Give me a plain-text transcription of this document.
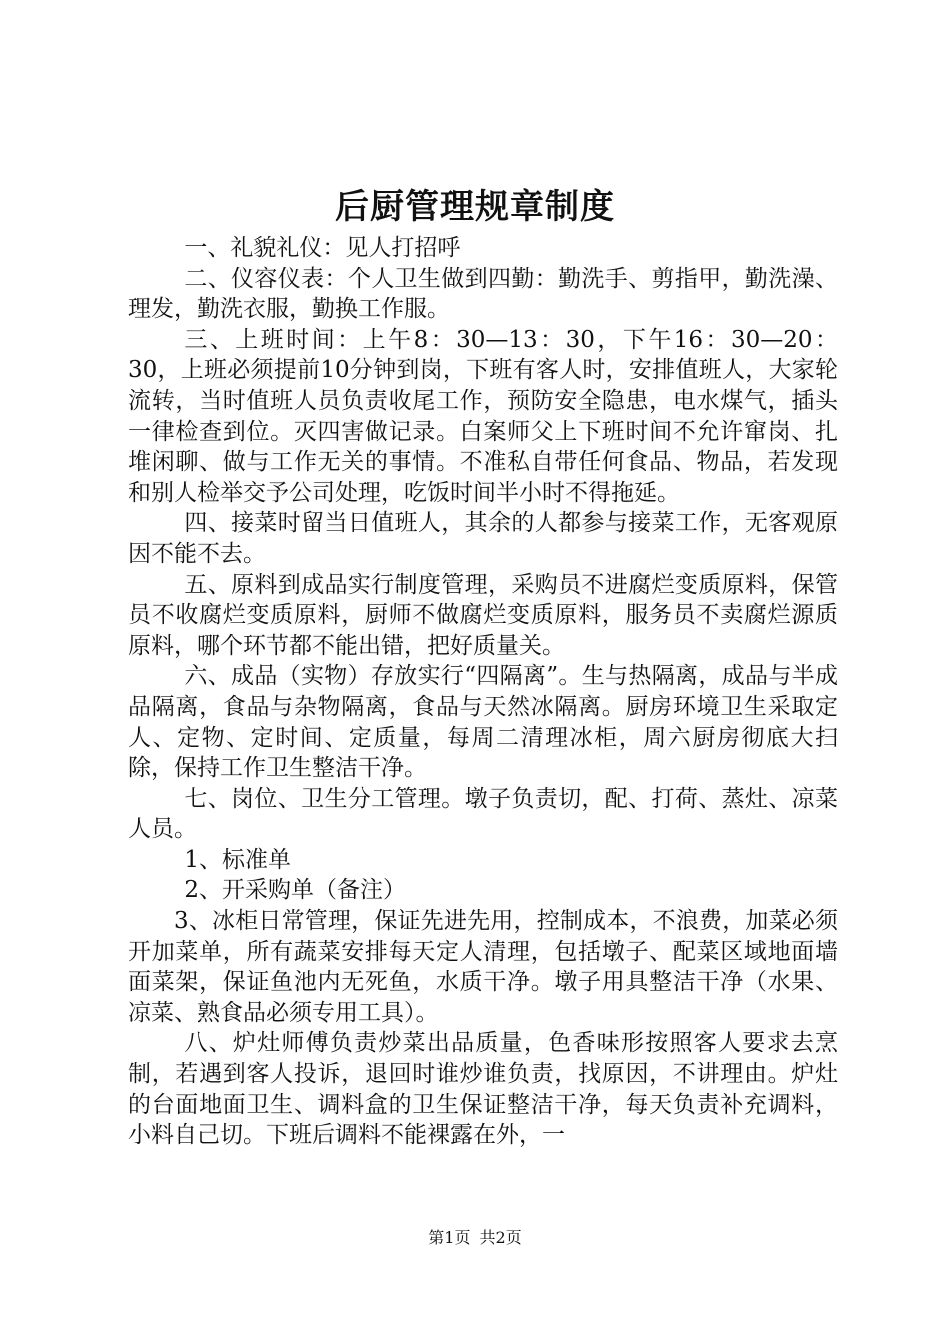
后厨管理规章制度

一、礼貌礼仪：见人打招呼

二、仪容仪表：个人卫生做到四勤：勤洗手、剪指甲，勤洗澡、理发，勤洗衣服，勤换工作服。

三、上班时间：上午8：30—13：30，下午16：30—20：30，上班必须提前10分钟到岗，下班有客人时，安排值班人，大家轮流转，当时值班人员负责收尾工作，预防安全隐患，电水煤气，插头一律检查到位。灭四害做记录。白案师父上下班时间不允许窜岗、扎堆闲聊、做与工作无关的事情。不准私自带任何食品、物品，若发现和别人检举交予公司处理，吃饭时间半小时不得拖延。

四、接菜时留当日值班人，其余的人都参与接菜工作，无客观原因不能不去。

五、原料到成品实行制度管理，采购员不进腐烂变质原料，保管员不收腐烂变质原料，厨师不做腐烂变质原料，服务员不卖腐烂源质原料，哪个环节都不能出错，把好质量关。

六、成品（实物）存放实行“四隔离”。生与热隔离，成品与半成品隔离，食品与杂物隔离，食品与天然冰隔离。厨房环境卫生采取定人、定物、定时间、定质量，每周二清理冰柜，周六厨房彻底大扫除，保持工作卫生整洁干净。

七、岗位、卫生分工管理。墩子负责切，配、打荷、蒸灶、凉菜人员。

1、标准单

2、开采购单（备注）

3、冰柜日常管理，保证先进先用，控制成本，不浪费，加菜必须开加菜单，所有蔬菜安排每天定人清理，包括墩子、配菜区域地面墙面菜架，保证鱼池内无死鱼，水质干净。墩子用具整洁干净（水果、凉菜、熟食品必须专用工具）。

八、炉灶师傅负责炒菜出品质量，色香味形按照客人要求去烹制，若遇到客人投诉，退回时谁炒谁负责，找原因，不讲理由。炉灶的台面地面卫生、调料盒的卫生保证整洁干净，每天负责补充调料，小料自己切。下班后调料不能裸露在外，一

第1页 共2页
